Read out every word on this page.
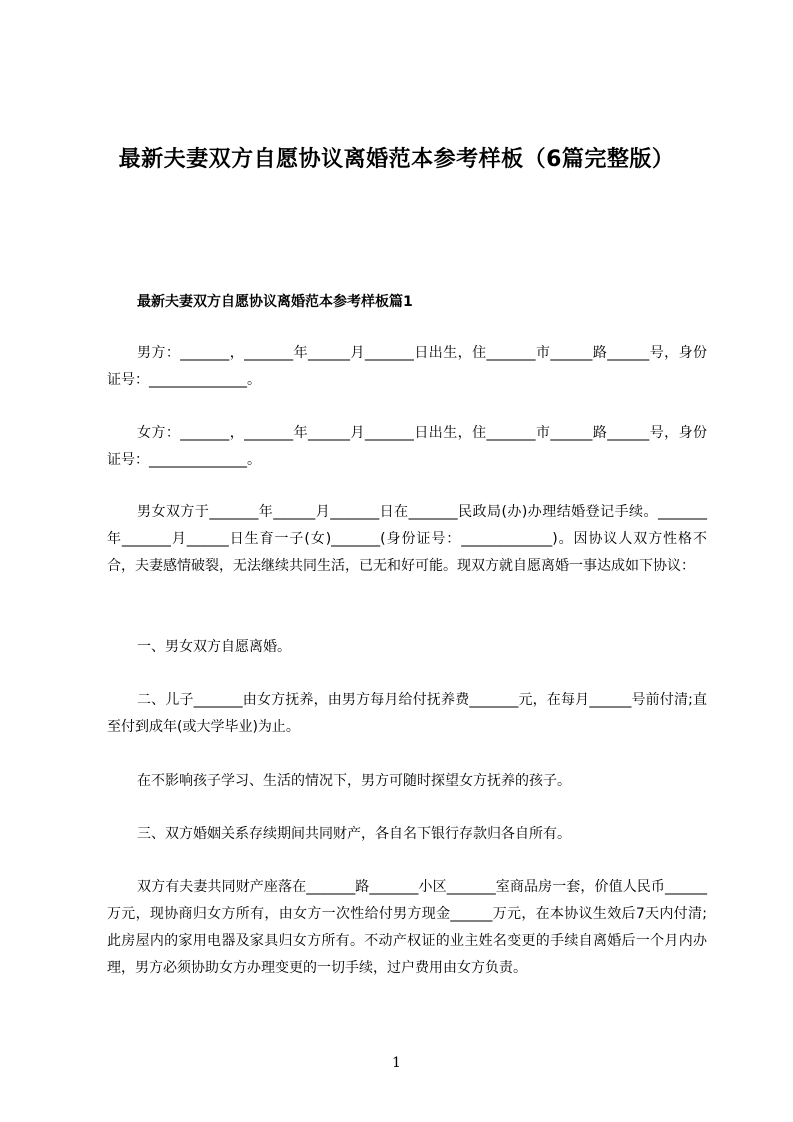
最新夫妻双方自愿协议离婚范本参考样板（6篇完整版）
最新夫妻双方自愿协议离婚范本参考样板篇1

男方：_______，_______年______月_______日出生，住_______市______路______号，身份证号：______________。

女方：_______，_______年______月_______日出生，住_______市______路______号，身份证号：______________。

男女双方于_______年______月_______日在_______民政局(办)办理结婚登记手续。_______年_______月______日生育一子(女)_______(身份证号：_____________)。因协议人双方性格不合，夫妻感情破裂，无法继续共同生活，已无和好可能。现双方就自愿离婚一事达成如下协议：

一、男女双方自愿离婚。

二、儿子_______由女方抚养，由男方每月给付抚养费_______元，在每月______号前付清;直至付到成年(或大学毕业)为止。

在不影响孩子学习、生活的情况下，男方可随时探望女方抚养的孩子。

三、双方婚姻关系存续期间共同财产，各自名下银行存款归各自所有。

双方有夫妻共同财产座落在_______路_______小区_______室商品房一套，价值人民币______万元，现协商归女方所有，由女方一次性给付男方现金______万元，在本协议生效后7天内付清;此房屋内的家用电器及家具归女方所有。不动产权证的业主姓名变更的手续自离婚后一个月内办理，男方必须协助女方办理变更的一切手续，过户费用由女方负责。

1
